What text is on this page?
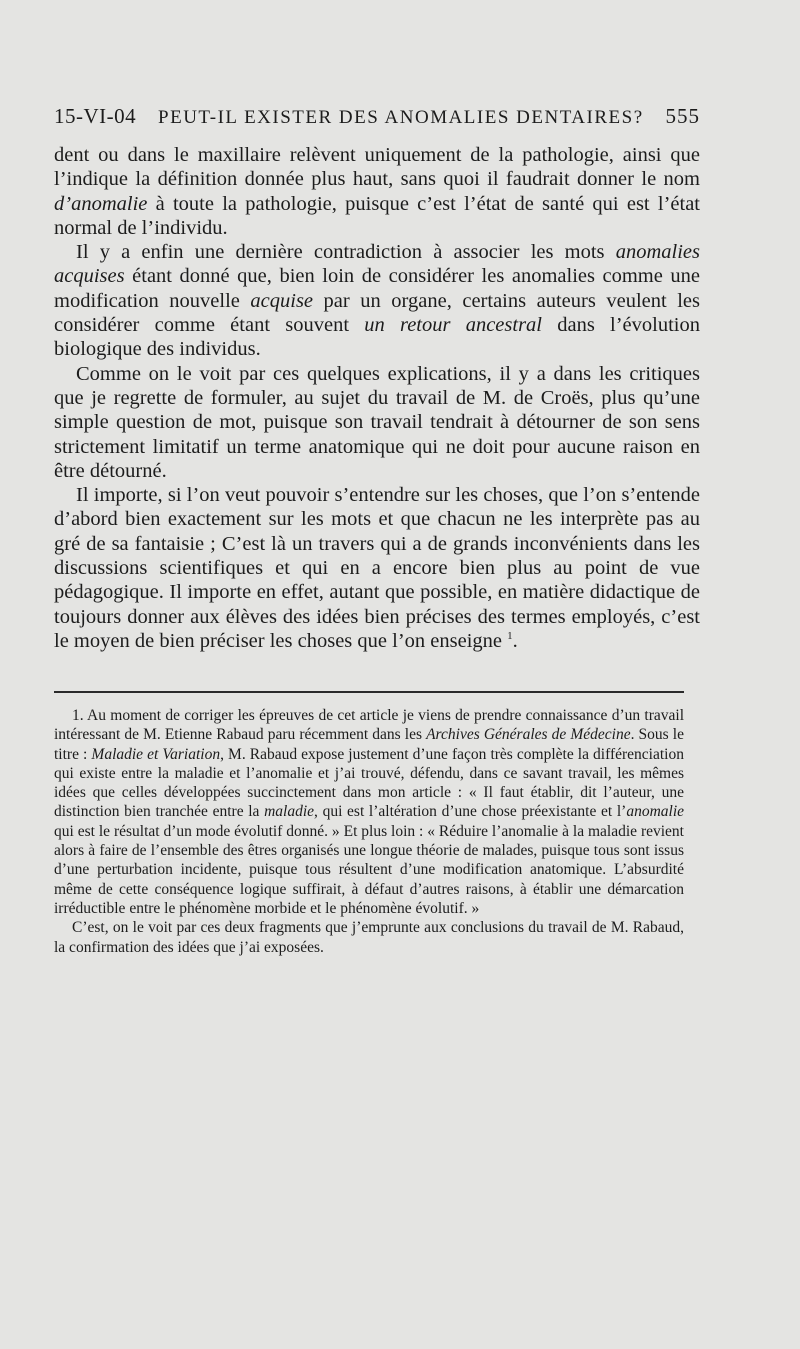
15-VI-04	PEUT-IL EXISTER DES ANOMALIES DENTAIRES?	555

dent ou dans le maxillaire relèvent uniquement de la pathologie, ainsi que l’indique la définition donnée plus haut, sans quoi il faudrait donner le nom d’anomalie à toute la pathologie, puisque c’est l’état de santé qui est l’état normal de l’individu.

Il y a enfin une dernière contradiction à associer les mots anomalies acquises étant donné que, bien loin de considérer les anomalies comme une modification nouvelle acquise par un organe, certains auteurs veulent les considérer comme étant souvent un retour ancestral dans l’évolution biologique des individus.

Comme on le voit par ces quelques explications, il y a dans les critiques que je regrette de formuler, au sujet du travail de M. de Croës, plus qu’une simple question de mot, puisque son travail tendrait à détourner de son sens strictement limitatif un terme anatomique qui ne doit pour aucune raison en être détourné.

Il importe, si l’on veut pouvoir s’entendre sur les choses, que l’on s’entende d’abord bien exactement sur les mots et que chacun ne les interprète pas au gré de sa fantaisie ; C’est là un travers qui a de grands inconvénients dans les discussions scientifiques et qui en a encore bien plus au point de vue pédagogique. Il importe en effet, autant que possible, en matière didactique de toujours donner aux élèves des idées bien précises des termes employés, c’est le moyen de bien préciser les choses que l’on enseigne $^1$.

1. Au moment de corriger les épreuves de cet article je viens de prendre connaissance d’un travail intéressant de M. Etienne Rabaud paru récemment dans les Archives Générales de Médecine. Sous le titre : Maladie et Variation, M. Rabaud expose justement d’une façon très complète la différenciation qui existe entre la maladie et l’anomalie et j’ai trouvé, défendu, dans ce savant travail, les mêmes idées que celles développées succinctement dans mon article : « Il faut établir, dit l’auteur, une distinction bien tranchée entre la maladie, qui est l’altération d’une chose préexistante et l’anomalie qui est le résultat d’un mode évolutif donné. » Et plus loin : « Réduire l’anomalie à la maladie revient alors à faire de l’ensemble des êtres organisés une longue théorie de malades, puisque tous sont issus d’une perturbation incidente, puisque tous résultent d’une modification anatomique. L’absurdité même de cette conséquence logique suffirait, à défaut d’autres raisons, à établir une démarcation irréductible entre le phénomène morbide et le phénomène évolutif. »

C’est, on le voit par ces deux fragments que j’emprunte aux conclusions du travail de M. Rabaud, la confirmation des idées que j’ai exposées.
